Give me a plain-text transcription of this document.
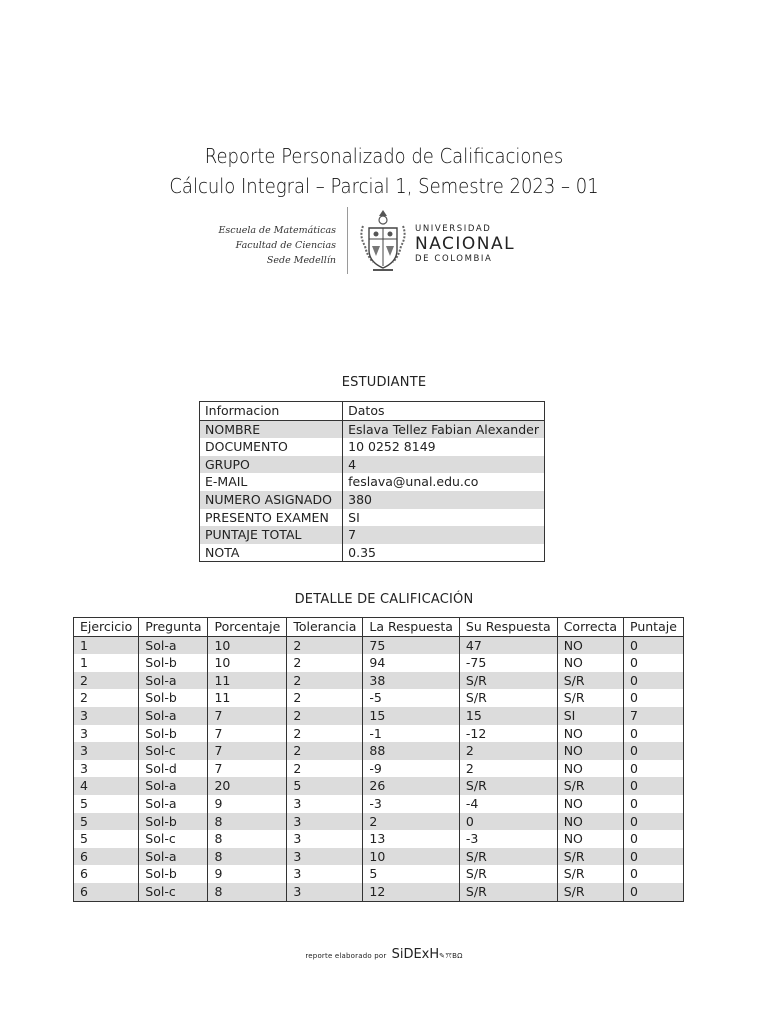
Reporte Personalizado de Calificaciones
Cálculo Integral – Parcial 1, Semestre 2023 – 01
Escuela de Matemáticas
Facultad de Ciencias
Sede Medellín
UNIVERSIDAD
NACIONAL
DE COLOMBIA
ESTUDIANTE
Informacion	Datos
NOMBRE	Eslava Tellez Fabian Alexander
DOCUMENTO	10 0252 8149
GRUPO	4
E-MAIL	feslava@unal.edu.co
NUMERO ASIGNADO	380
PRESENTO EXAMEN	SI
PUNTAJE TOTAL	7
NOTA	0.35
DETALLE DE CALIFICACIÓN
Ejercicio	Pregunta	Porcentaje	Tolerancia	La Respuesta	Su Respuesta	Correcta	Puntaje
1	Sol-a	10	2	75	47	NO	0
1	Sol-b	10	2	94	-75	NO	0
2	Sol-a	11	2	38	S/R	S/R	0
2	Sol-b	11	2	-5	S/R	S/R	0
3	Sol-a	7	2	15	15	SI	7
3	Sol-b	7	2	-1	-12	NO	0
3	Sol-c	7	2	88	2	NO	0
3	Sol-d	7	2	-9	2	NO	0
4	Sol-a	20	5	26	S/R	S/R	0
5	Sol-a	9	3	-3	-4	NO	0
5	Sol-b	8	3	2	0	NO	0
5	Sol-c	8	3	13	-3	NO	0
6	Sol-a	8	3	10	S/R	S/R	0
6	Sol-b	9	3	5	S/R	S/R	0
6	Sol-c	8	3	12	S/R	S/R	0
reporte elaborado por SiDExH✎ꔫBΩ
